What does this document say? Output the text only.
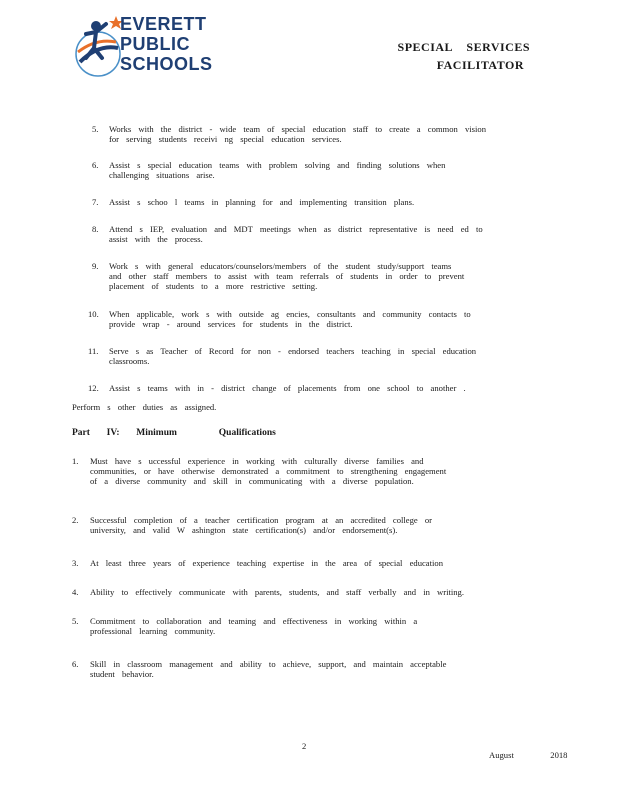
EVERETT
PUBLIC
SCHOOLS
SPECIAL    SERVICES
FACILITATOR
5. Works with the district - wide team of special education staff to create a common vision
for serving students receivi ng special education services.
6. Assist s special education teams with problem solving and finding solutions when
challenging situations arise.
7. Assist s schoo l teams in planning for and implementing transition plans.
8. Attend s IEP, evaluation and MDT meetings when as district representative is need ed to
assist with the process.
9. Work s with general educators/counselors/members of the student study/support teams
and other staff members to assist with team referrals of students in order to prevent
placement of students to a more restrictive setting.
10. When applicable, work s with outside ag encies, consultants and community contacts to
provide wrap - around services for students in the district.
11. Serve s as Teacher of Record for non - endorsed teachers teaching in special education
classrooms.
12. Assist s teams with in - district change of placements from one school to another .
Perform s other duties as assigned.
Part  IV:  Minimum     Qualifications
1. Must have s uccessful experience in working with culturally diverse families and
communities, or have otherwise demonstrated a commitment to strengthening engagement
of a diverse community and skill in communicating with a diverse population.
2. Successful completion of a teacher certification program at an accredited college or
university, and valid W ashington state certification(s) and/or endorsement(s).
3. At least three years of experience teaching expertise in the area of special education
4. Ability to effectively communicate with parents, students, and staff verbally and in writing.
5. Commitment to collaboration and teaming and effectiveness in working within a
professional learning community.
6. Skill in classroom management and ability to achieve, support, and maintain acceptable
student behavior.
2
August   2018
